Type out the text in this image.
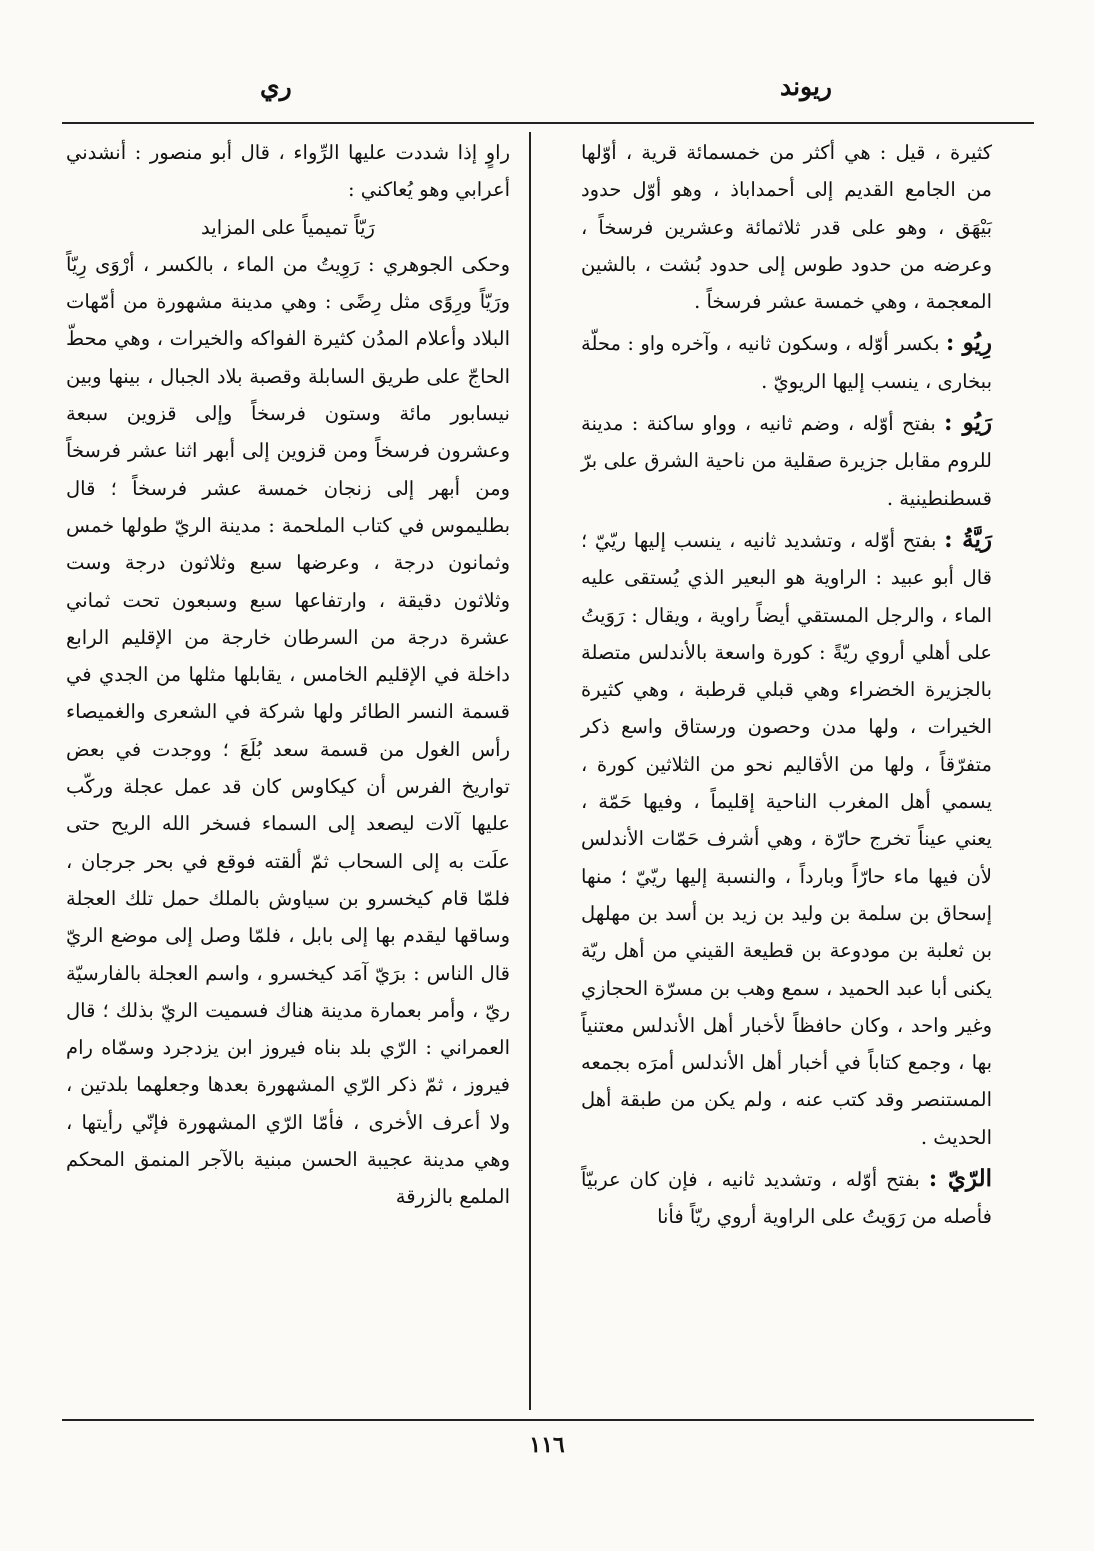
ريوند
ري

كثيرة ، قيل : هي أكثر من خمسمائة قرية ، أوّلها من الجامع القديم إلى أحمداباذ ، وهو أوّل حدود بَيْهَق ، وهو على قدر ثلاثمائة وعشرين فرسخاً ، وعرضه من حدود طوس إلى حدود بُشت ، بالشين المعجمة ، وهي خمسة عشر فرسخاً .

رِيُو : بكسر أوّله ، وسكون ثانيه ، وآخره واو : محلّة ببخارى ، ينسب إليها الريويّ .

رَيُو : بفتح أوّله ، وضم ثانيه ، وواو ساكنة : مدينة للروم مقابل جزيرة صقلية من ناحية الشرق على برّ قسطنطينية .

رَيَّةُ : بفتح أوّله ، وتشديد ثانيه ، ينسب إليها ريّيّ ؛ قال أبو عبيد : الراوية هو البعير الذي يُستقى عليه الماء ، والرجل المستقي أيضاً راوية ، ويقال : رَوَيتُ على أهلي أروي ريّةً : كورة واسعة بالأندلس متصلة بالجزيرة الخضراء وهي قبلي قرطبة ، وهي كثيرة الخيرات ، ولها مدن وحصون ورستاق واسع ذكر متفرّقاً ، ولها من الأقاليم نحو من الثلاثين كورة ، يسمي أهل المغرب الناحية إقليماً ، وفيها حَمّة ، يعني عيناً تخرج حارّة ، وهي أشرف حَمّات الأندلس لأن فيها ماء حارّاً وبارداً ، والنسبة إليها ريّيّ ؛ منها إسحاق بن سلمة بن وليد بن زيد بن أسد بن مهلهل بن ثعلبة بن مودوعة بن قطيعة القيني من أهل ريّة يكنى أبا عبد الحميد ، سمع وهب بن مسرّة الحجازي وغير واحد ، وكان حافظاً لأخبار أهل الأندلس معتنياً بها ، وجمع كتاباً في أخبار أهل الأندلس أمرَه بجمعه المستنصر وقد كتب عنه ، ولم يكن من طبقة أهل الحديث .

الرّيّ : بفتح أوّله ، وتشديد ثانيه ، فإن كان عربيّاً فأصله من رَوَيتُ على الراوية أروي ريّاً فأنا

راوٍ إذا شددت عليها الرِّواء ، قال أبو منصور : أنشدني أعرابي وهو يُعاكني :

رَيّاً تميمياً على المزايد

وحكى الجوهري : رَوِيتُ من الماء ، بالكسر ، أرْوَى رِيّاً ورَيّاً ورِوًى مثل رِضًى : وهي مدينة مشهورة من أمّهات البلاد وأعلام المدُن كثيرة الفواكه والخيرات ، وهي محطّ الحاجّ على طريق السابلة وقصبة بلاد الجبال ، بينها وبين نيسابور مائة وستون فرسخاً وإلى قزوين سبعة وعشرون فرسخاً ومن قزوين إلى أبهر اثنا عشر فرسخاً ومن أبهر إلى زنجان خمسة عشر فرسخاً ؛ قال بطليموس في كتاب الملحمة : مدينة الريّ طولها خمس وثمانون درجة ، وعرضها سبع وثلاثون درجة وست وثلاثون دقيقة ، وارتفاعها سبع وسبعون تحت ثماني عشرة درجة من السرطان خارجة من الإقليم الرابع داخلة في الإقليم الخامس ، يقابلها مثلها من الجدي في قسمة النسر الطائر ولها شركة في الشعرى والغميصاء رأس الغول من قسمة سعد بُلَعَ ؛ ووجدت في بعض تواريخ الفرس أن كيكاوس كان قد عمل عجلة وركّب عليها آلات ليصعد إلى السماء فسخر الله الريح حتى علَت به إلى السحاب ثمّ ألقته فوقع في بحر جرجان ، فلمّا قام كيخسرو بن سياوش بالملك حمل تلك العجلة وساقها ليقدم بها إلى بابل ، فلمّا وصل إلى موضع الريّ قال الناس : برَيّ آمَد كيخسرو ، واسم العجلة بالفارسيّة ريّ ، وأمر بعمارة مدينة هناك فسميت الريّ بذلك ؛ قال العمراني : الرّي بلد بناه فيروز ابن يزدجرد وسمّاه رام فيروز ، ثمّ ذكر الرّي المشهورة بعدها وجعلهما بلدتين ، ولا أعرف الأخرى ، فأمّا الرّي المشهورة فإنّي رأيتها ، وهي مدينة عجيبة الحسن مبنية بالآجر المنمق المحكم الملمع بالزرقة

١١٦
